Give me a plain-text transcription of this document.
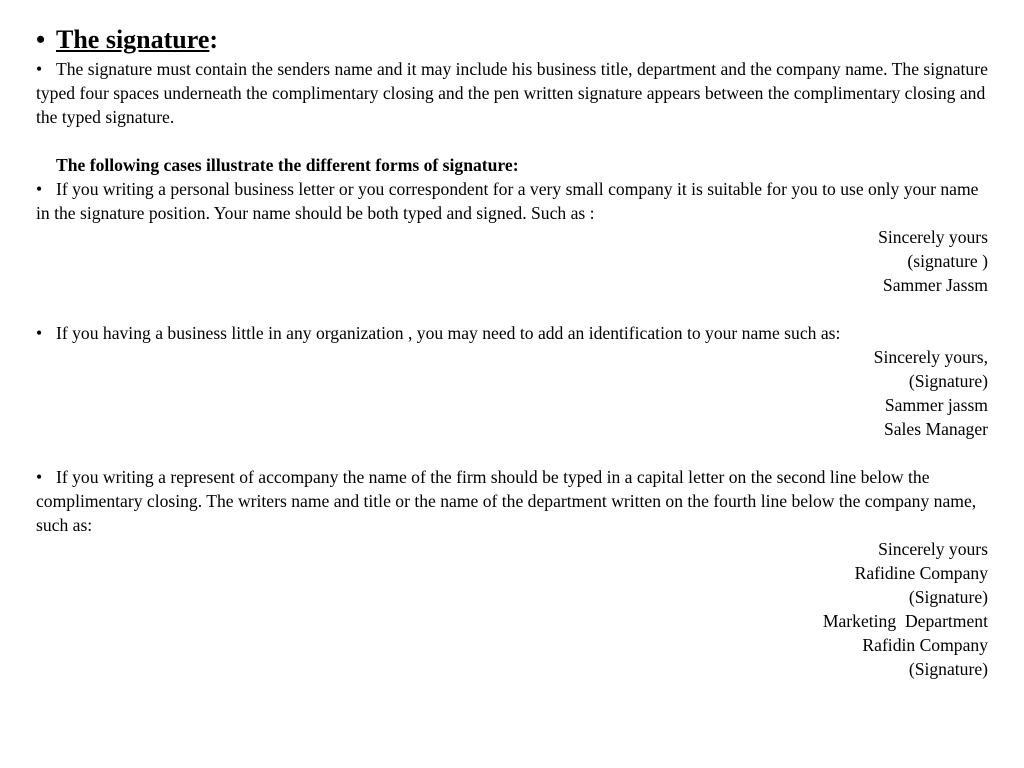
• The signature:

• The signature must contain the senders name and it may include his business title, department and the company name. The signature typed four spaces underneath the complimentary closing and the pen written signature appears between the complimentary closing and the typed signature.

The following cases illustrate the different forms of signature:

• If you writing a personal business letter or you correspondent for a very small company it is suitable for you to use only your name in the signature position. Your name should be both typed and signed. Such as :

Sincerely yours

(signature )

Sammer Jassm

• If you having a business little in any organization , you may need to add an identification to your name such as:

Sincerely yours,

(Signature)

Sammer jassm

Sales Manager

• If you writing a represent of accompany the name of the firm should be typed in a capital letter on the second line below the complimentary closing. The writers name and title or the name of the department written on the fourth line below the company name, such as:

Sincerely yours

Rafidine Company

(Signature)

Marketing  Department

Rafidin Company

(Signature)
